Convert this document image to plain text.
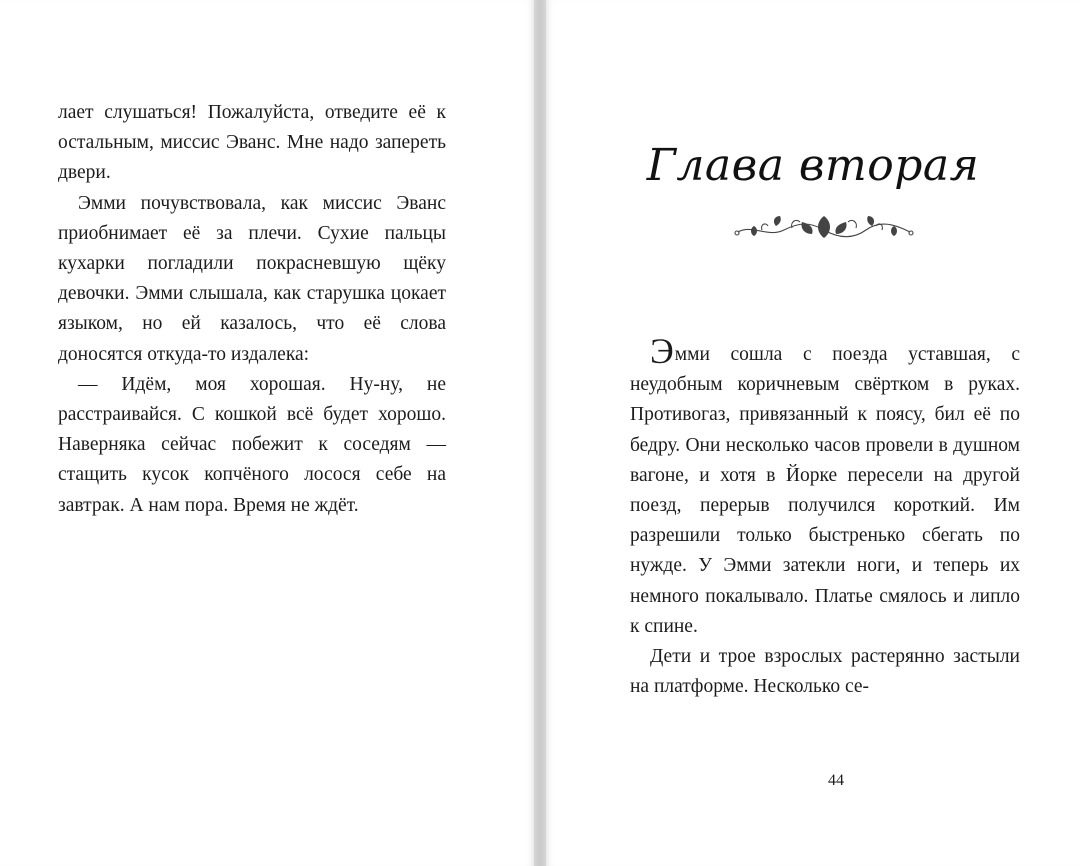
лает слушаться! Пожалуйста, отведите её к остальным, миссис Эванс. Мне надо запереть двери.

Эмми почувствовала, как миссис Эванс приобнимает её за плечи. Сухие пальцы кухарки погладили покрасневшую щёку девочки. Эмми слышала, как старушка цокает языком, но ей казалось, что её слова доносятся откуда-то издалека:

— Идём, моя хорошая. Ну-ну, не расстраивайся. С кошкой всё будет хорошо. Наверняка сейчас побежит к соседям — стащить кусок копчёного лосося себе на завтрак. А нам пора. Время не ждёт.

Глава вторая

Эмми сошла с поезда уставшая, с неудобным коричневым свёртком в руках. Противогаз, привязанный к поясу, бил её по бедру. Они несколько часов провели в душном вагоне, и хотя в Йорке пересели на другой поезд, перерыв получился короткий. Им разрешили только быстренько сбегать по нужде. У Эмми затекли ноги, и теперь их немного покалывало. Платье смялось и липло к спине.

Дети и трое взрослых растерянно застыли на платформе. Несколько се-

44
